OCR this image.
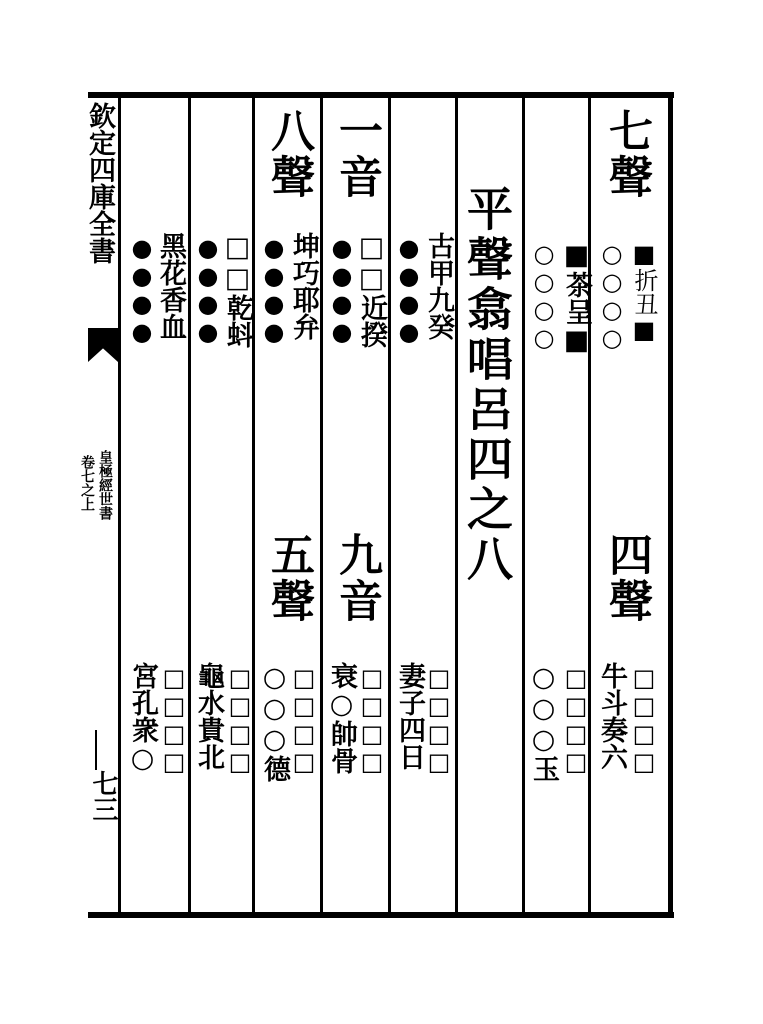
欽定四庫全書
皇極經世書
卷七之上
七三
平聲翕唱呂四之八
七聲
■折丑■
○○○○
■茶呈■
○○○○
古甲九癸
●●●●
一音
□□近揆
●●●●
八聲
坤巧耶弁
●●●●
□□乾蚪
●●●●
黑花香血
●●●●
四聲
九音
五聲
□□□□
牛斗奏六
□□□□
○○○玉
□□□□
妻子四日
□□□□
衰○帥骨
□□□□
○○○德
□□□□
龜水貴北
□□□□
宮孔衆○
